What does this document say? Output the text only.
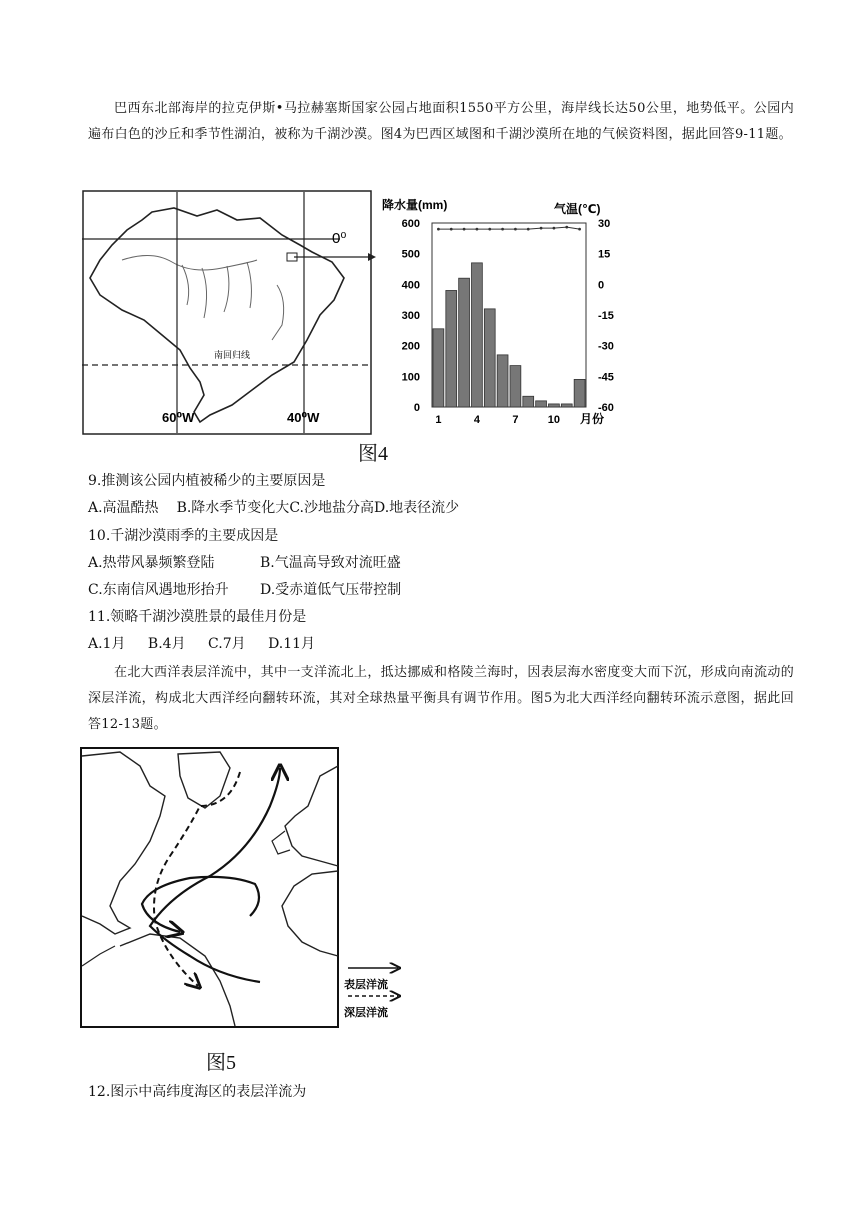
巴西东北部海岸的拉克伊斯•马拉赫塞斯国家公园占地面积1550平方公里，海岸线长达50公里，地势低平。公园内遍布白色的沙丘和季节性湖泊，被称为千湖沙漠。图4为巴西区域图和千湖沙漠所在地的气候资料图，据此回答9-11题。
0⁰
南回归线
60⁰W	40⁰W
降水量(mm)	气温(℃)
月份
0
100
200
300
400
500
600
-60
-45
-30
-15
0
15
30
1	4	7	10
图4
9.推测该公园内植被稀少的主要原因是
A.高温酷热 B.降水季节变化大C.沙地盐分高D.地表径流少
10.千湖沙漠雨季的主要成因是
A.热带风暴频繁登陆	B.气温高导致对流旺盛
C.东南信风遇地形抬升	D.受赤道低气压带控制
11.领略千湖沙漠胜景的最佳月份是
A.1月 B.4月 C.7月 D.11月
在北大西洋表层洋流中，其中一支洋流北上，抵达挪威和格陵兰海时，因表层海水密度变大而下沉，形成向南流动的深层洋流，构成北大西洋经向翻转环流，其对全球热量平衡具有调节作用。图5为北大西洋经向翻转环流示意图，据此回答12-13题。
表层洋流
深层洋流
图5
12.图示中高纬度海区的表层洋流为
